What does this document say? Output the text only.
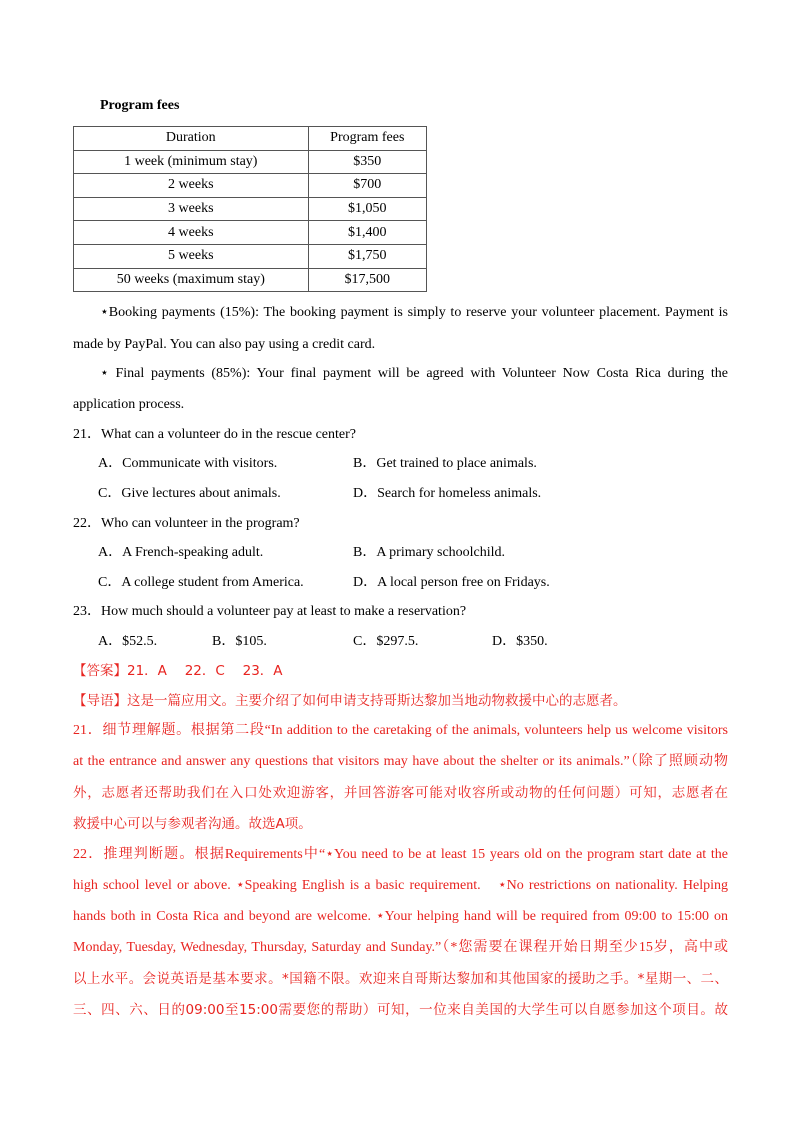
Program fees
Duration	Program fees
1 week (minimum stay)	$350
2 weeks	$700
3 weeks	$1,050
4 weeks	$1,400
5 weeks	$1,750
50 weeks (maximum stay)	$17,500
⋆Booking payments (15%): The booking payment is simply to reserve your volunteer placement. Payment is
made by PayPal. You can also pay using a credit card.
⋆ Final payments (85%): Your final payment will be agreed with Volunteer Now Costa Rica during the
application process.
21．What can a volunteer do in the rescue center?
A．Communicate with visitors.	B．Get trained to place animals.
C．Give lectures about animals.	D．Search for homeless animals.
22．Who can volunteer in the program?
A．A French-speaking adult.	B．A primary schoolchild.
C．A college student from America.	D．A local person free on Fridays.
23．How much should a volunteer pay at least to make a reservation?
A．$52.5.	B．$105.	C．$297.5.	D．$350.
【答案】21．A　 22．C　 23．A
【导语】这是一篇应用文。主要介绍了如何申请支持哥斯达黎加当地动物救援中心的志愿者。
21．细节理解题。根据第二段“In addition to the caretaking of the animals, volunteers help us welcome visitors
at the entrance and answer any questions that visitors may have about the shelter or its animals.”（除了照顾动物
外，志愿者还帮助我们在入口处欢迎游客，并回答游客可能对收容所或动物的任何问题）可知，志愿者在
救援中心可以与参观者沟通。故选A项。
22．推理判断题。根据Requirements中“⋆You need to be at least 15 years old on the program start date at the
high school level or above. ⋆Speaking English is a basic requirement.　⋆No restrictions on nationality. Helping
hands both in Costa Rica and beyond are welcome. ⋆Your helping hand will be required from 09:00 to 15:00 on
Monday, Tuesday, Wednesday, Thursday, Saturday and Sunday.”（*您需要在课程开始日期至少15岁，高中或
以上水平。会说英语是基本要求。*国籍不限。欢迎来自哥斯达黎加和其他国家的援助之手。*星期一、二、
三、四、六、日的09:00至15:00需要您的帮助）可知，一位来自美国的大学生可以自愿参加这个项目。故
